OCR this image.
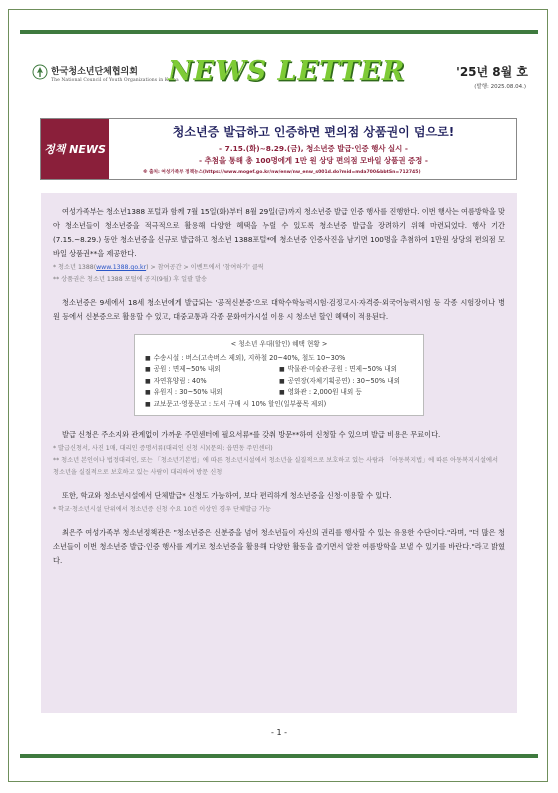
한국청소년단체협의회
The National Council of Youth Organizations in Korea
NEWS LETTER	'25년 8월 호
(발행: 2025.08.04.)
정책 NEWS
청소년증 발급하고 인증하면 편의점 상품권이 덤으로!
- 7.15.(화)~8.29.(금), 청소년증 발급·인증 행사 실시 -
- 추첨을 통해 총 100명에게 1만 원 상당 편의점 모바일 상품권 증정 -
※ 출처: 여성가족부 정책뉴스(https://www.mogef.go.kr/nw/enw/nw_enw_s001d.do?mid=mda700&bbtSn=712745)

여성가족부는 청소년1388 포털과 함께 7월 15일(화)부터 8월 29일(금)까지 청소년증 발급 인증 행사를 진행한다. 이번 행사는 여름방학을 맞아 청소년들이 청소년증을 적극적으로 활용해 다양한 혜택을 누릴 수 있도록 청소년증 발급을 장려하기 위해 마련되었다. 행사 기간(7.15.~8.29.) 동안 청소년증을 신규로 발급하고 청소년 1388포털*에 청소년증 인증사진을 남기면 100명을 추첨하여 1만원 상당의 편의점 모바일 상품권**을 제공한다.

* 청소년 1388(www.1388.go.kr) > 참여공간 > 이벤트에서 '참여하기' 클릭
** 상품권은 청소년 1388 포털에 공지(9월) 후 일괄 발송

청소년증은 9세에서 18세 청소년에게 발급되는 '공적신분증'으로 대학수학능력시험·검정고시·자격증·외국어능력시험 등 각종 시험장이나 병원 등에서 신분증으로 활용할 수 있고, 대중교통과 각종 문화여가시설 이용 시 청소년 할인 혜택이 적용된다.

< 청소년 우대(할인) 혜택 현황 >
■ 수송시설 : 버스(고속버스 제외), 지하철 20~40%, 철도 10~30%
■ 공원 : 면제~50% 내외	■ 박물관·미술관·공원 : 면제~50% 내외
■ 자연휴양림 : 40%	■ 공연장(자체기획공연) : 30~50% 내외
■ 유원지 : 30~50% 내외	■ 영화관 : 2,000원 내외 등
■ 교보문고·영풍문고 : 도서 구매 시 10% 할인(일부품목 제외)

발급 신청은 주소지와 관계없이 가까운 주민센터에 필요서류*를 갖춰 방문**하여 신청할 수 있으며 발급 비용은 무료이다.

* 발급신청서, 사진 1매, 대리인 증명서류(대리인 신청 시)(문의: 읍면동 주민센터)
** 청소년 본인이나 법정대리인, 또는 「청소년기본법」에 따른 청소년시설에서 청소년을 실질적으로 보호하고 있는 사람과 「아동복지법」에 따른 아동복지시설에서 청소년을 실질적으로 보호하고 있는 사람이 대리하여 방문 신청

또한, 학교와 청소년시설에서 단체발급* 신청도 가능하여, 보다 편리하게 청소년증을 신청·이용할 수 있다.

* 학교·청소년시설 단위에서 청소년증 신청 수요 10건 이상인 경우 단체발급 가능

최은주 여성가족부 청소년정책관은 "청소년증은 신분증을 넘어 청소년들이 자신의 권리를 행사할 수 있는 유용한 수단이다."라며, "더 많은 청소년들이 이번 청소년증 발급·인증 행사를 계기로 청소년증을 활용해 다양한 활동을 즐기면서 알찬 여름방학을 보낼 수 있기를 바란다."라고 밝혔다.

- 1 -
